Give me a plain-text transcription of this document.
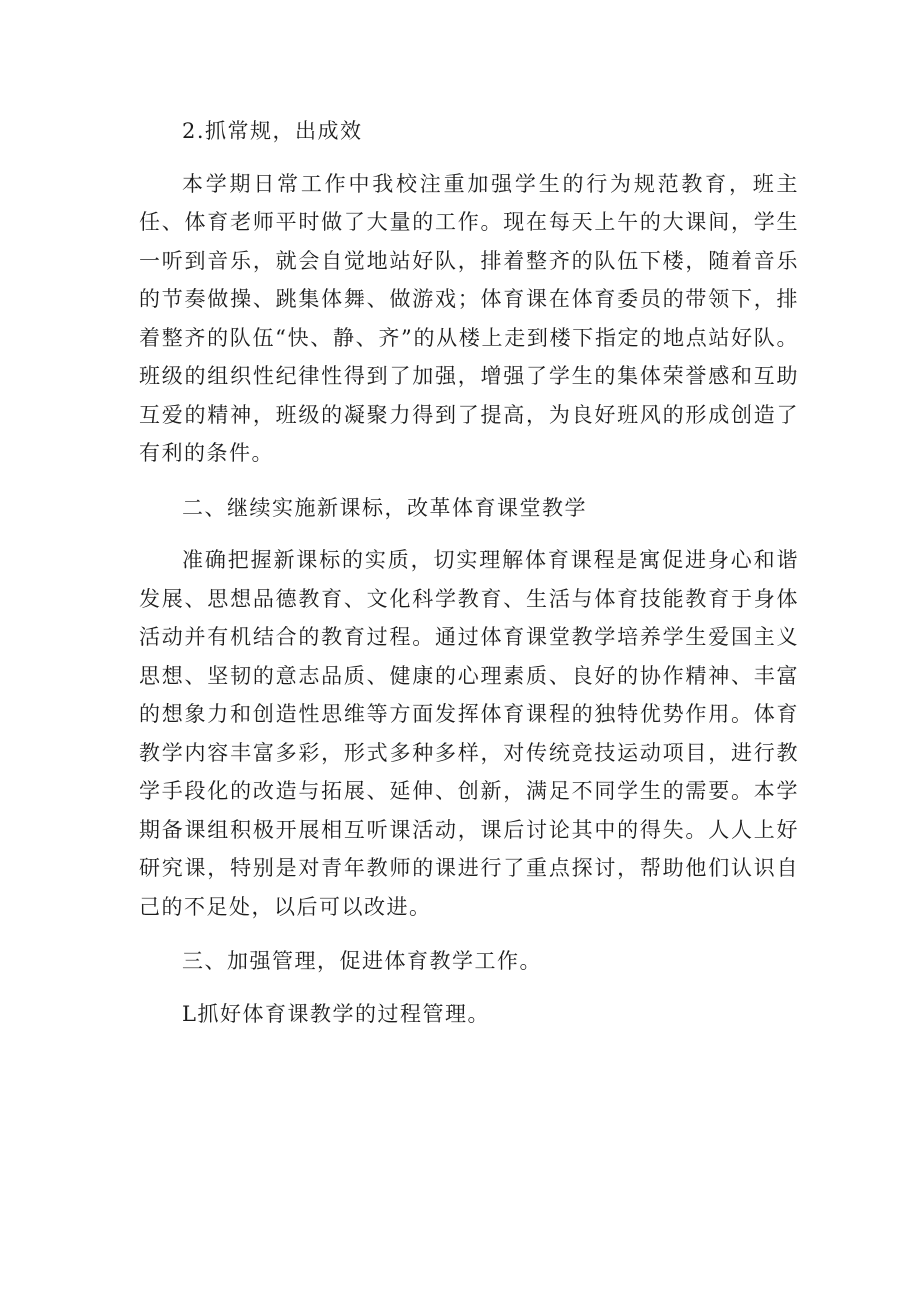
2.抓常规，出成效

本学期日常工作中我校注重加强学生的行为规范教育，班主任、体育老师平时做了大量的工作。现在每天上午的大课间，学生一听到音乐，就会自觉地站好队，排着整齐的队伍下楼，随着音乐的节奏做操、跳集体舞、做游戏；体育课在体育委员的带领下，排着整齐的队伍“快、静、齐”的从楼上走到楼下指定的地点站好队。班级的组织性纪律性得到了加强，增强了学生的集体荣誉感和互助互爱的精神，班级的凝聚力得到了提高，为良好班风的形成创造了有利的条件。

二、继续实施新课标，改革体育课堂教学

准确把握新课标的实质，切实理解体育课程是寓促进身心和谐发展、思想品德教育、文化科学教育、生活与体育技能教育于身体活动并有机结合的教育过程。通过体育课堂教学培养学生爱国主义思想、坚韧的意志品质、健康的心理素质、良好的协作精神、丰富的想象力和创造性思维等方面发挥体育课程的独特优势作用。体育教学内容丰富多彩，形式多种多样，对传统竞技运动项目，进行教学手段化的改造与拓展、延伸、创新，满足不同学生的需要。本学期备课组积极开展相互听课活动，课后讨论其中的得失。人人上好研究课，特别是对青年教师的课进行了重点探讨，帮助他们认识自己的不足处，以后可以改进。

三、加强管理，促进体育教学工作。

L抓好体育课教学的过程管理。
